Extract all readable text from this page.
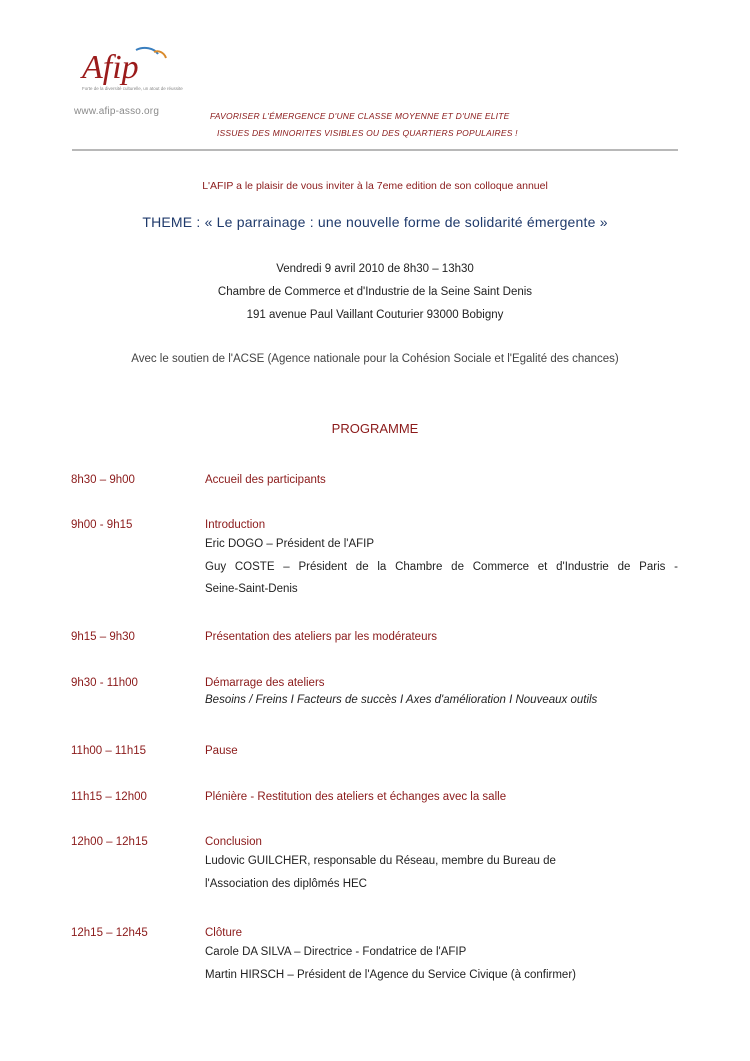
Afip
Forte de la diversité culturelle, un atout de réussite
www.afip-asso.org	FAVORISER L'ÉMERGENCE D'UNE CLASSE MOYENNE ET D'UNE ELITE
ISSUES DES MINORITES VISIBLES OU DES QUARTIERS POPULAIRES !
L'AFIP a le plaisir de vous inviter à la 7eme edition de son colloque annuel
THEME : « Le parrainage : une nouvelle forme de solidarité émergente »
Vendredi 9 avril 2010 de 8h30 – 13h30
Chambre de Commerce et d'Industrie de la Seine Saint Denis
191 avenue Paul Vaillant Couturier 93000 Bobigny
Avec le soutien de l'ACSE (Agence nationale pour la Cohésion Sociale et l'Egalité des chances)
PROGRAMME
8h30 – 9h00	Accueil des participants
9h00 - 9h15	Introduction
Eric DOGO – Président de l'AFIP
Guy COSTE – Président de la Chambre de Commerce et d'Industrie de Paris -
Seine-Saint-Denis
9h15 – 9h30	Présentation des ateliers par les modérateurs
9h30 - 11h00	Démarrage des ateliers
Besoins / Freins I Facteurs de succès I Axes d'amélioration I Nouveaux outils
11h00 – 11h15	Pause
11h15 – 12h00	Plénière - Restitution des ateliers et échanges avec la salle
12h00 – 12h15	Conclusion
Ludovic GUILCHER, responsable du Réseau, membre du Bureau de
l'Association des diplômés HEC
12h15 – 12h45	Clôture
Carole DA SILVA – Directrice - Fondatrice de l'AFIP
Martin HIRSCH – Président de l'Agence du Service Civique (à confirmer)
